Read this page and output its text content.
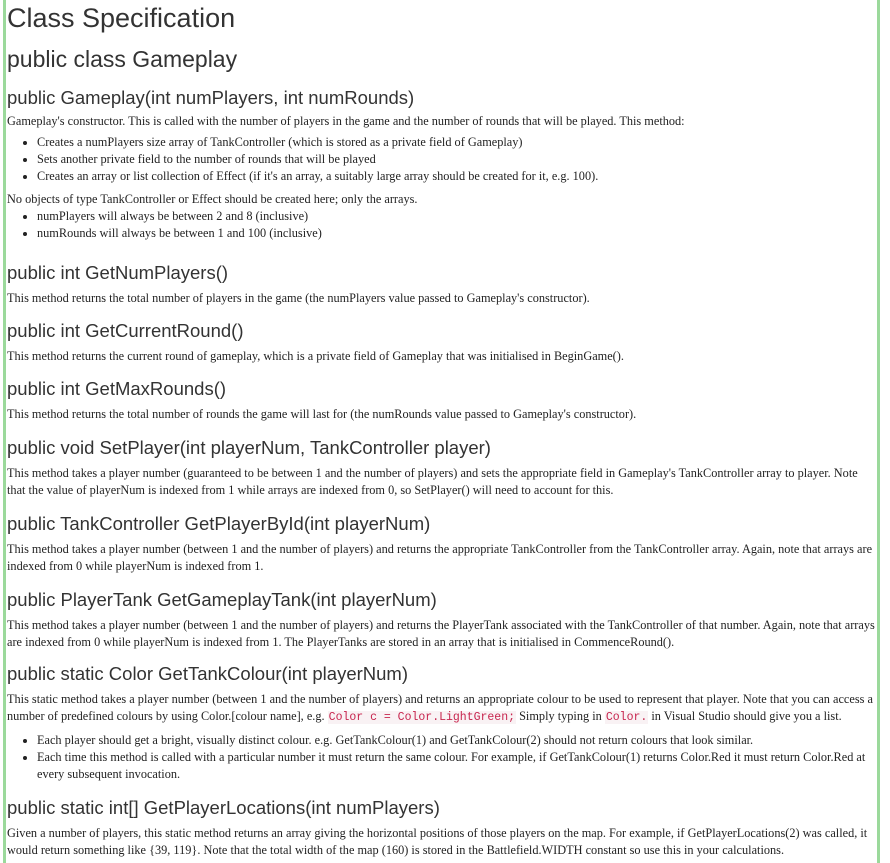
Class Specification
public class Gameplay
public Gameplay(int numPlayers, int numRounds)
Gameplay's constructor. This is called with the number of players in the game and the number of rounds that will be played. This method:
• Creates a numPlayers size array of TankController (which is stored as a private field of Gameplay)
• Sets another private field to the number of rounds that will be played
• Creates an array or list collection of Effect (if it's an array, a suitably large array should be created for it, e.g. 100).
No objects of type TankController or Effect should be created here; only the arrays.
• numPlayers will always be between 2 and 8 (inclusive)
• numRounds will always be between 1 and 100 (inclusive)
public int GetNumPlayers()
This method returns the total number of players in the game (the numPlayers value passed to Gameplay's constructor).
public int GetCurrentRound()
This method returns the current round of gameplay, which is a private field of Gameplay that was initialised in BeginGame().
public int GetMaxRounds()
This method returns the total number of rounds the game will last for (the numRounds value passed to Gameplay's constructor).
public void SetPlayer(int playerNum, TankController player)
This method takes a player number (guaranteed to be between 1 and the number of players) and sets the appropriate field in Gameplay's TankController array to player. Note that the value of playerNum is indexed from 1 while arrays are indexed from 0, so SetPlayer() will need to account for this.
public TankController GetPlayerById(int playerNum)
This method takes a player number (between 1 and the number of players) and returns the appropriate TankController from the TankController array. Again, note that arrays are indexed from 0 while playerNum is indexed from 1.
public PlayerTank GetGameplayTank(int playerNum)
This method takes a player number (between 1 and the number of players) and returns the PlayerTank associated with the TankController of that number. Again, note that arrays are indexed from 0 while playerNum is indexed from 1. The PlayerTanks are stored in an array that is initialised in CommenceRound().
public static Color GetTankColour(int playerNum)
This static method takes a player number (between 1 and the number of players) and returns an appropriate colour to be used to represent that player. Note that you can access a number of predefined colours by using Color.[colour name], e.g. Color c = Color.LightGreen; Simply typing in Color. in Visual Studio should give you a list.
• Each player should get a bright, visually distinct colour. e.g. GetTankColour(1) and GetTankColour(2) should not return colours that look similar.
• Each time this method is called with a particular number it must return the same colour. For example, if GetTankColour(1) returns Color.Red it must return Color.Red at every subsequent invocation.
public static int[] GetPlayerLocations(int numPlayers)
Given a number of players, this static method returns an array giving the horizontal positions of those players on the map. For example, if GetPlayerLocations(2) was called, it would return something like {39, 119}. Note that the total width of the map (160) is stored in the Battlefield.WIDTH constant so use this in your calculations.
